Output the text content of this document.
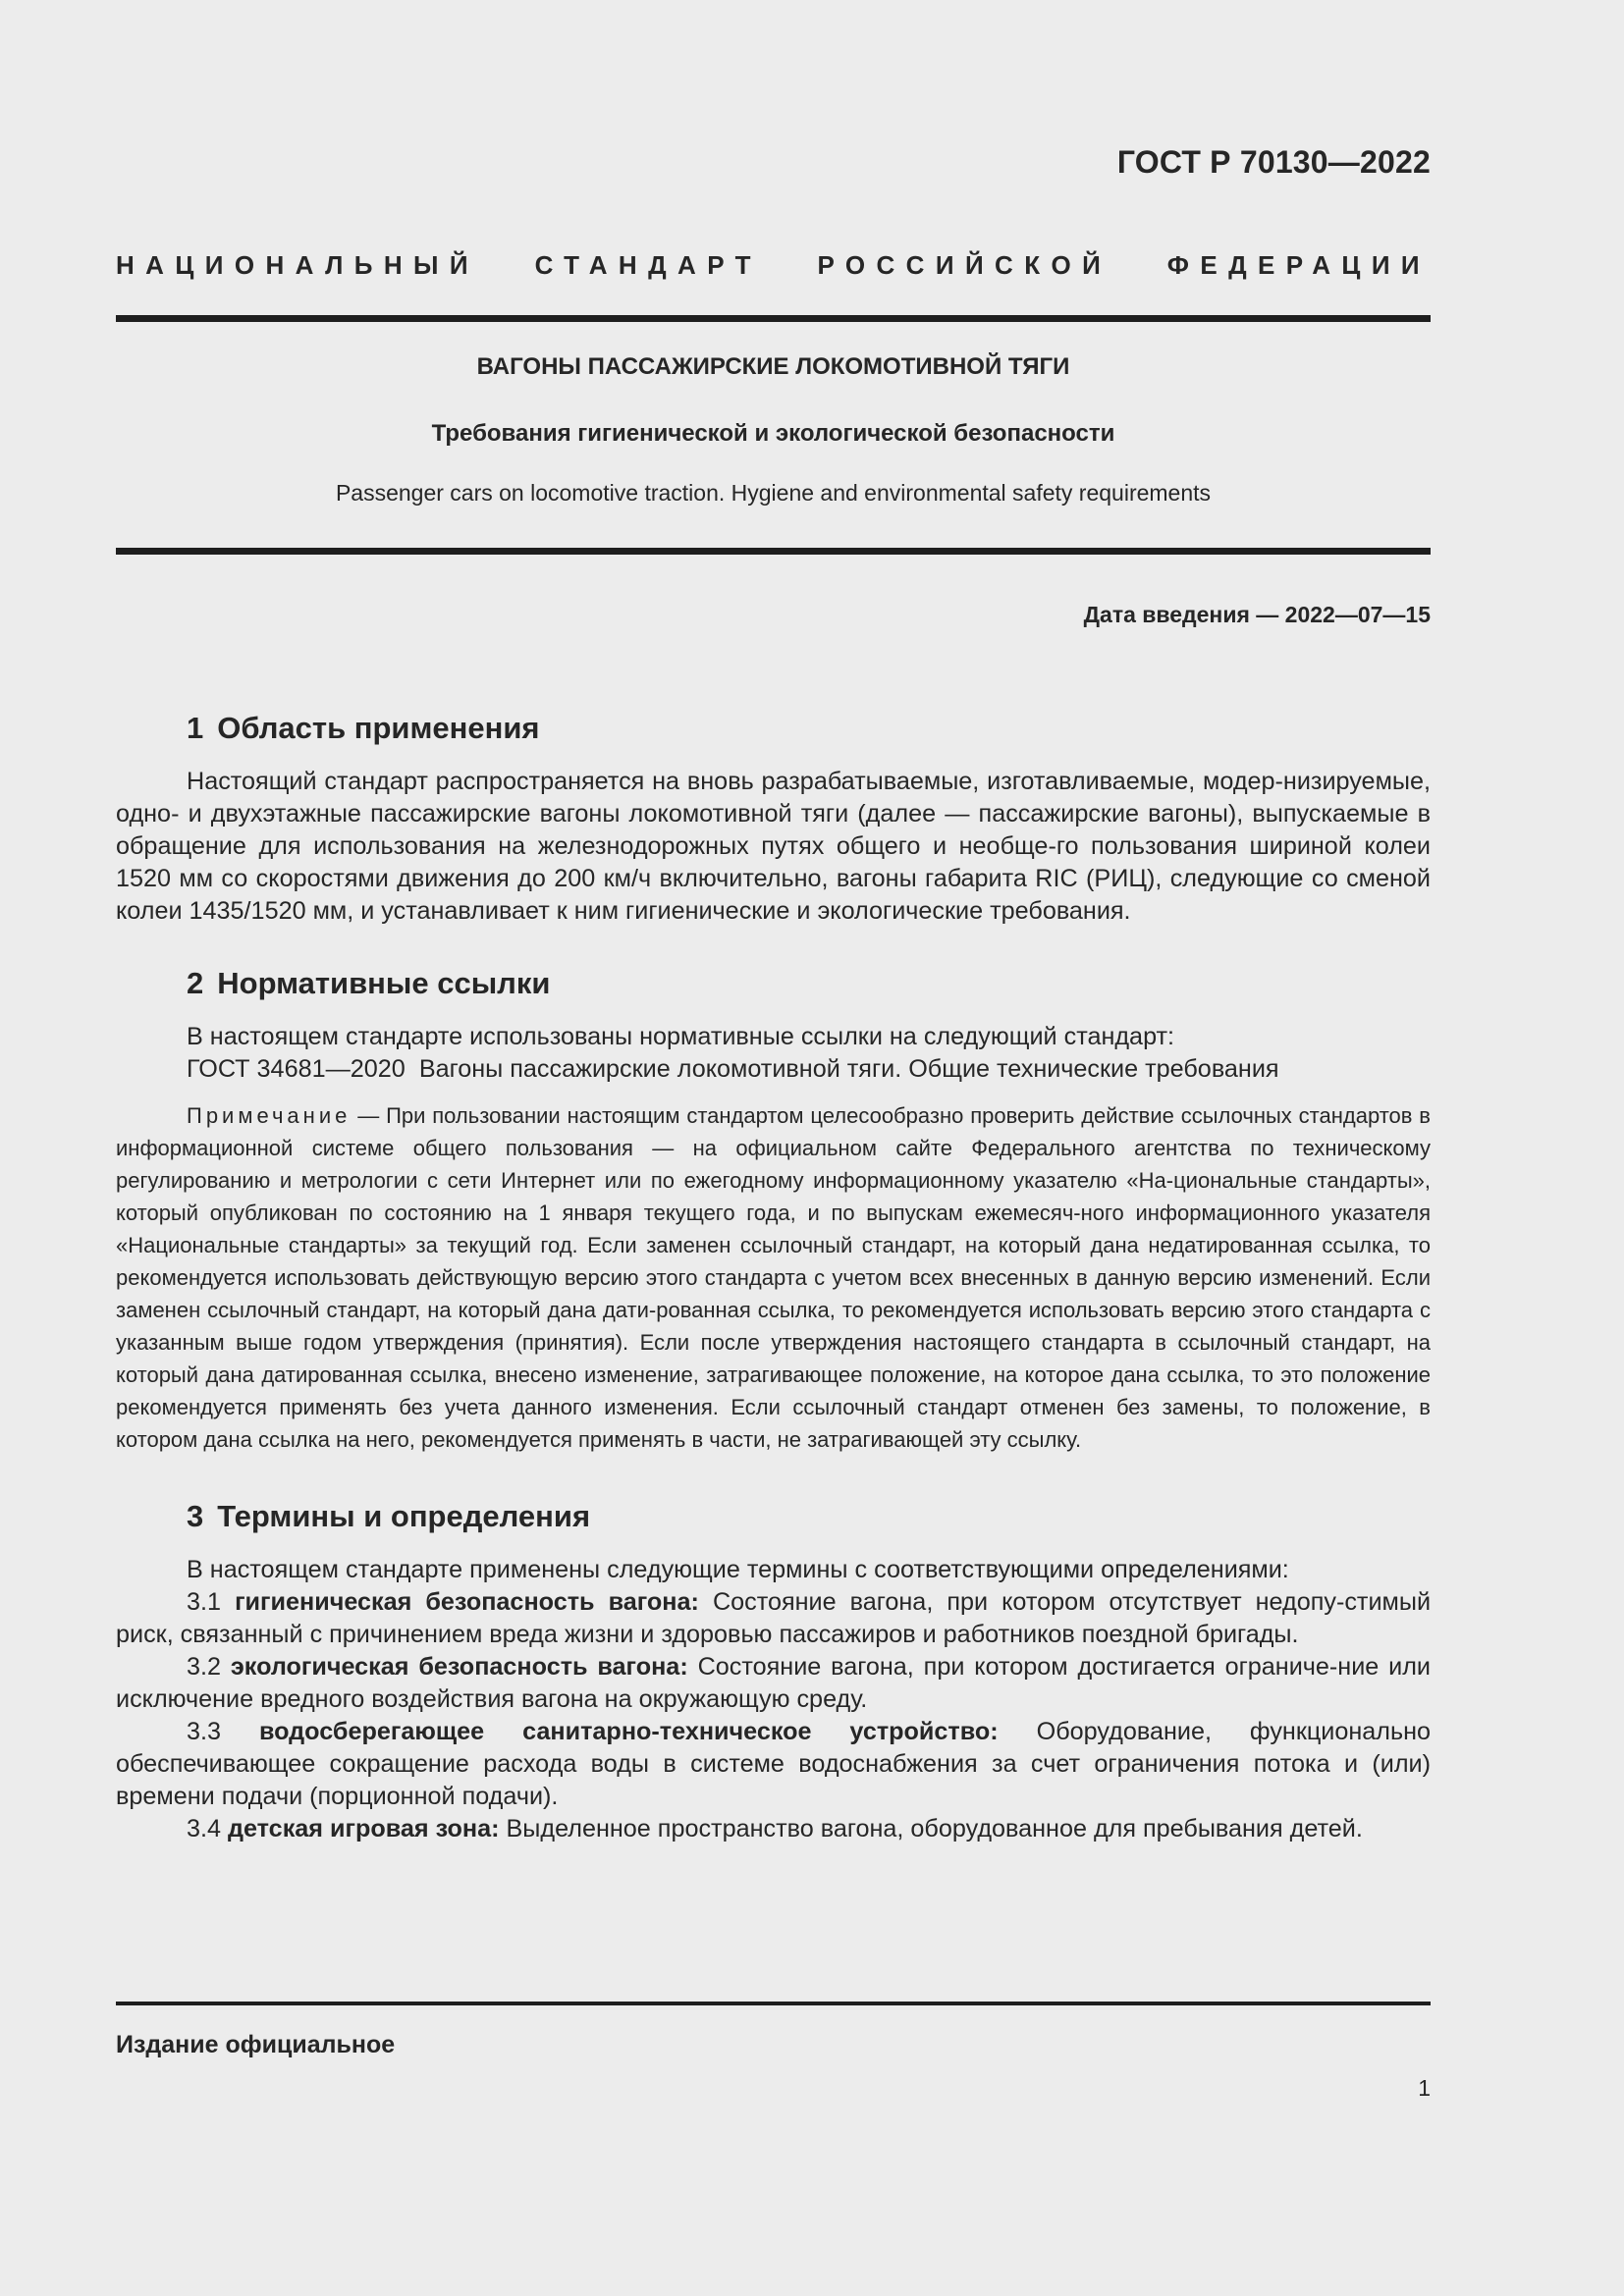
ГОСТ Р 70130—2022
НАЦИОНАЛЬНЫЙ СТАНДАРТ РОССИЙСКОЙ ФЕДЕРАЦИИ
ВАГОНЫ ПАССАЖИРСКИЕ ЛОКОМОТИВНОЙ ТЯГИ
Требования гигиенической и экологической безопасности
Passenger cars on locomotive traction. Hygiene and environmental safety requirements
Дата введения — 2022—07—15
1 Область применения

Настоящий стандарт распространяется на вновь разрабатываемые, изготавливаемые, модер-низируемые, одно- и двухэтажные пассажирские вагоны локомотивной тяги (далее — пассажирские вагоны), выпускаемые в обращение для использования на железнодорожных путях общего и необще-го пользования шириной колеи 1520 мм со скоростями движения до 200 км/ч включительно, вагоны габарита RIC (РИЦ), следующие со сменой колеи 1435/1520 мм, и устанавливает к ним гигиенические и экологические требования.

2 Нормативные ссылки

В настоящем стандарте использованы нормативные ссылки на следующий стандарт:

ГОСТ 34681—2020 Вагоны пассажирские локомотивной тяги. Общие технические требования

Примечание — При пользовании настоящим стандартом целесообразно проверить действие ссылочных стандартов в информационной системе общего пользования — на официальном сайте Федерального агентства по техническому регулированию и метрологии с сети Интернет или по ежегодному информационному указателю «На-циональные стандарты», который опубликован по состоянию на 1 января текущего года, и по выпускам ежемесяч-ного информационного указателя «Национальные стандарты» за текущий год. Если заменен ссылочный стандарт, на который дана недатированная ссылка, то рекомендуется использовать действующую версию этого стандарта с учетом всех внесенных в данную версию изменений. Если заменен ссылочный стандарт, на который дана дати-рованная ссылка, то рекомендуется использовать версию этого стандарта с указанным выше годом утверждения (принятия). Если после утверждения настоящего стандарта в ссылочный стандарт, на который дана датированная ссылка, внесено изменение, затрагивающее положение, на которое дана ссылка, то это положение рекомендуется применять без учета данного изменения. Если ссылочный стандарт отменен без замены, то положение, в котором дана ссылка на него, рекомендуется применять в части, не затрагивающей эту ссылку.

3 Термины и определения

В настоящем стандарте применены следующие термины с соответствующими определениями:

3.1 гигиеническая безопасность вагона: Состояние вагона, при котором отсутствует недопу-стимый риск, связанный с причинением вреда жизни и здоровью пассажиров и работников поездной бригады.

3.2 экологическая безопасность вагона: Состояние вагона, при котором достигается ограниче-ние или исключение вредного воздействия вагона на окружающую среду.

3.3 водосберегающее санитарно-техническое устройство: Оборудование, функционально обеспечивающее сокращение расхода воды в системе водоснабжения за счет ограничения потока и (или) времени подачи (порционной подачи).

3.4 детская игровая зона: Выделенное пространство вагона, оборудованное для пребывания детей.

Издание официальное
1
